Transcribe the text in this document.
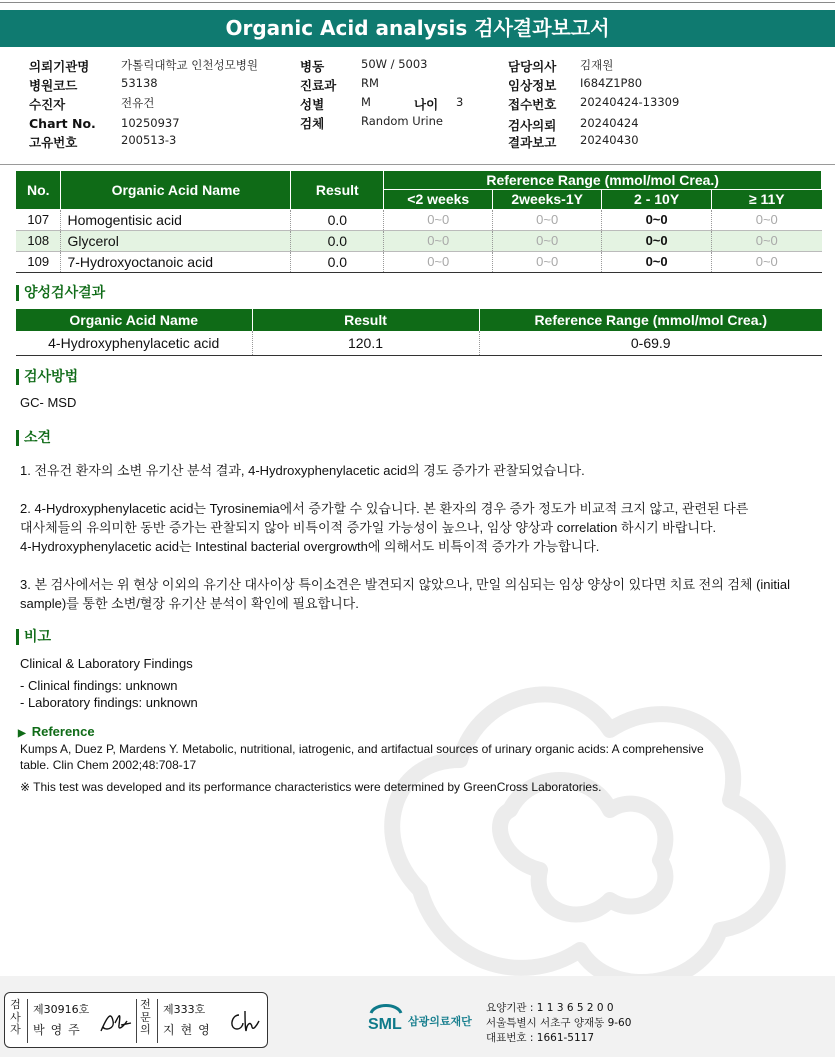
Organic Acid analysis 검사결과보고서
의뢰기관명	가톨릭대학교 인천성모병원
병원코드	53138
수진자	전유건
Chart No. 10250937
고유번호	200513-3
병동	50W / 5003
진료과 RM
성별	M	나이 3
검체	Random Urine
담당의사 김재원
임상정보 I684Z1P80
접수번호 20240424-13309
검사의뢰 20240424
결과보고 20240430
No.	Organic Acid Name	Result	Reference Range (mmol/mol Crea.)			
			<2 weeks	2weeks-1Y	2 - 10Y	≥ 11Y
107	Homogentisic acid	0.0	0~0	0~0	0~0	0~0
108	Glycerol	0.0	0~0	0~0	0~0	0~0
109	7-Hydroxyoctanoic acid	0.0	0~0	0~0	0~0	0~0
양성검사결과
Organic Acid Name	Result	Reference Range (mmol/mol Crea.)
4-Hydroxyphenylacetic acid	120.1	0-69.9
검사방법
GC- MSD
소견
1. 전유건 환자의 소변 유기산 분석 결과, 4-Hydroxyphenylacetic acid의 경도 증가가 관찰되었습니다.
2. 4-Hydroxyphenylacetic acid는 Tyrosinemia에서 증가할 수 있습니다. 본 환자의 경우 증가 정도가 비교적 크지 않고, 관련된 다른
대사체들의 유의미한 동반 증가는 관찰되지 않아 비특이적 증가일 가능성이 높으나, 임상 양상과 correlation 하시기 바랍니다.
4-Hydroxyphenylacetic acid는 Intestinal bacterial overgrowth에 의해서도 비특이적 증가가 가능합니다.
3. 본 검사에서는 위 현상 이외의 유기산 대사이상 특이소견은 발견되지 않았으나, 만일 의심되는 임상 양상이 있다면 치료 전의 검체 (initial
sample)를 통한 소변/혈장 유기산 분석이 확인에 필요합니다.
비고
Clinical & Laboratory Findings
- Clinical findings: unknown
- Laboratory findings: unknown
▶ Reference
Kumps A, Duez P, Mardens Y. Metabolic, nutritional, iatrogenic, and artifactual sources of urinary organic acids: A comprehensive
table. Clin Chem 2002;48:708-17
※ This test was developed and its performance characteristics were determined by GreenCross Laboratories.
검사자
제30916호
박영주
전문의
제333호
지현영	SML 삼광의료재단
요양기관 : 1 1 3 6 5 2 0 0
서울특별시 서초구 양재동 9-60
대표번호 : 1661-5117
